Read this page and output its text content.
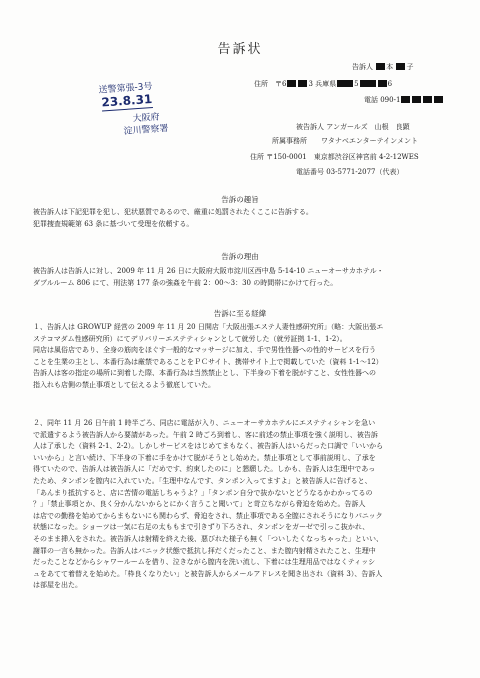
告訴状
告訴人 本 子
住所　〒6	3 兵庫県	5	6
電話 090-1
送警第張-3号
23.8.31
大阪府
淀川警察署	被告訴人 アンガールズ　山根　良顕
所属事務所　　ワタナベエンターテインメント
住所 〒150-0001　東京都渋谷区神宮前 4-2-12WES
電話番号 03-5771-2077（代表）
告訴の趣旨
被告訴人は下記犯罪を犯し、犯状悪質であるので、厳重に処罰されたくここに告訴する。
犯罪捜査規範第 63 条に基づいて受理を依頼する。
告訴の理由
被告訴人は告訴人に対し、2009 年 11 月 26 日に大阪府大阪市淀川区西中島 5-14-10 ニューオーサカホテル・
ダブルルーム 806 にて、刑法第 177 条の強姦を午前 2：00～3：30 の時間帯にかけて行った。
告訴に至る経緯
１、告訴人は GROWUP 経営の 2009 年 11 月 20 日開店「大阪出張エステ人妻性感研究所」（略：大阪出張エ
ステコマダム性感研究所）にてデリバリーエステティシャンとして就労した（就労証拠 1-1、1-2）。
同店は風俗店であり、全身の筋肉をほぐす一般的なマッサージに加え、手で男性性器への性的サービスを行う
ことを生業の主とし、本番行為は厳禁であることをＰＣサイト、携帯サイト上で掲載していた（資料 1-1～12）
告訴人は客の指定の場所に到着した際、本番行為は当然禁止とし、下半身の下着を脱がすこと、女性性器への
指入れも店側の禁止事項として伝えるよう徹底していた。
２、同年 11 月 26 日午前 1 時半ごろ、同店に電話が入り、ニューオーサカホテルにエステティシャンを急い
で派遣するよう被告訴人から要請があった。午前 2 時ごろ到着し、客に前述の禁止事項を強く説明し、被告訴
人は了承した（資料 2-1、2-2）。しかしサービスをはじめてまもなく、被告訴人はいらだった口調で「いいから
いいから」と言い続け、下半身の下着に手をかけて脱がそうとし始めた。禁止事項として事前説明し、了承を
得ていたので、告訴人は被告訴人に「だめです、約束したのに」と懇願した。しかも、告訴人は生理中であっ
たため、タンポンを膣内に入れていた。「生理中なんです、タンポン入ってますよ」と被告訴人に告げると、
「あんまり抵抗すると、店に苦情の電話しちゃうよ？」「タンポン自分で抜かないとどうなるかわかってるの
？」「禁止事項とか、良く分かんないからとにかく言うこと聞いて」と苛立ちながら脅迫を始めた。告訴人
は店での勤務を始めてからまもないにも関わらず、脅迫をされ、禁止事項である全膣にされそうになりパニック
状態になった。ショーツは一気に右足の太ももまで引きずり下ろされ、タンポンをガーゼで引っこ抜かれ、
そのまま挿入をされた。被告訴人は射精を終えた後、悪びれた様子も無く「ついしたくなっちゃった」といい、
謝罪の一言も無かった。告訴人はパニック状態で抵抗し拝だくだったこと、また膣内射精されたこと、生理中
だったことなどからシャワールームを借り、泣きながら膣内を洗い流し、下着には生理用品ではなくティッシ
ュをあてて着替えを始めた。「枠良くなりたい」と被告訴人からメールアドレスを聞き出され（資料 3）、告訴人
は部屋を出た。
